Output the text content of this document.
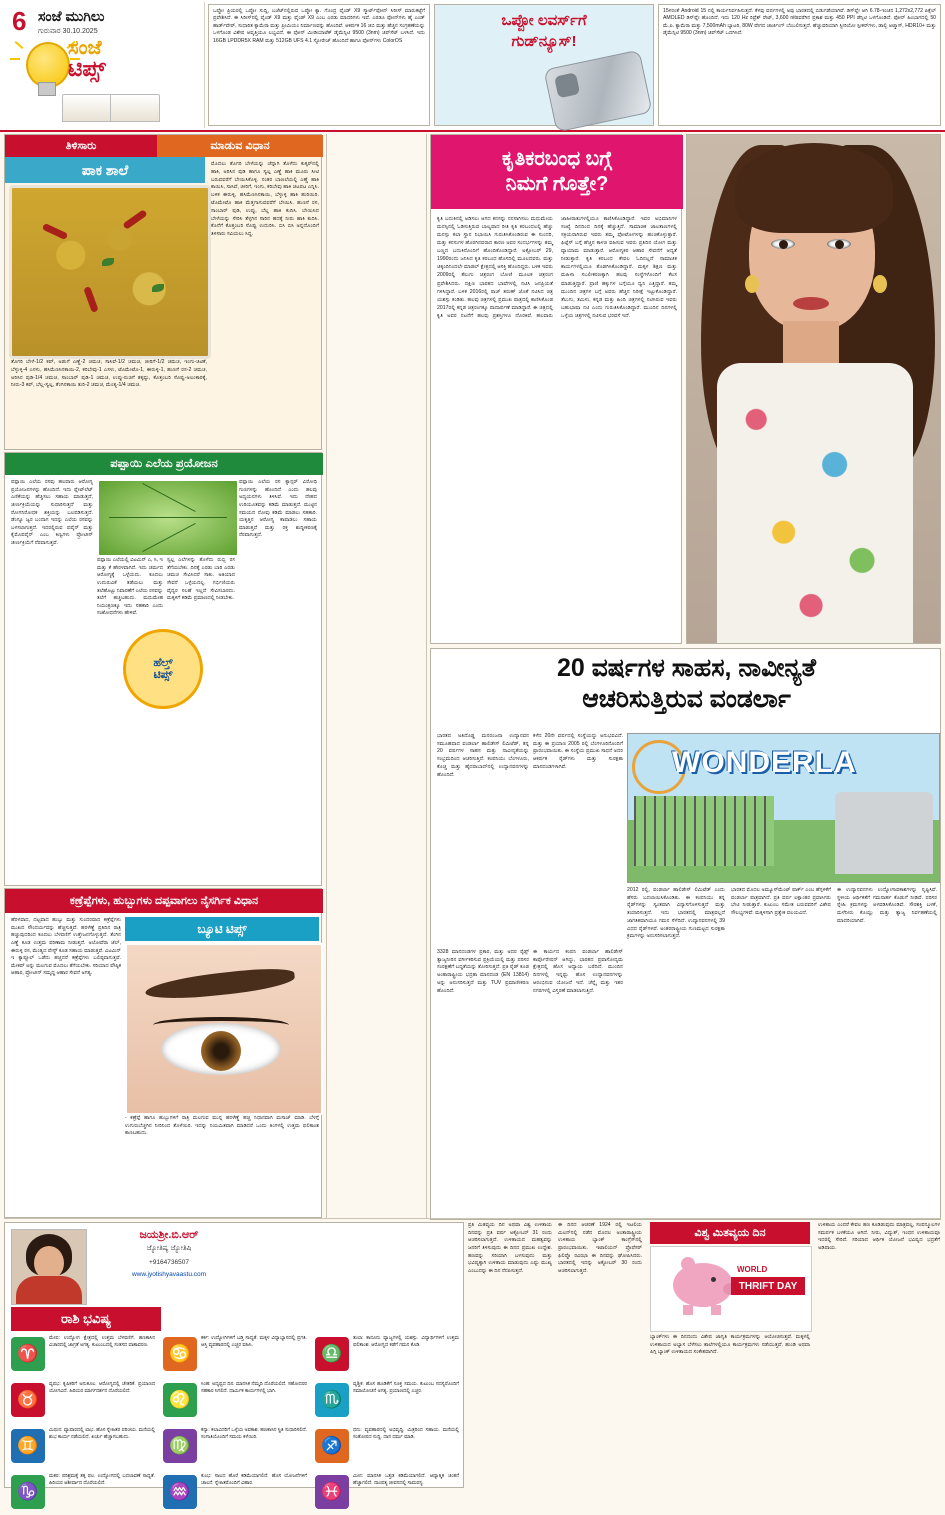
6 ಸಂಜೆ ಮುಗಿಲು
ಗುರುವಾರ 30.10.2025
ಸಂಜೆ
ಟಿಪ್ಸ್
ಒಪ್ಪೋ ಪ್ರಿಯರಲ್ಲಿ ಒಪ್ಪೋ ಸುದ್ದಿ, ಬಜೆಟ್‌ನಲ್ಲಿರುವ ಒಪ್ಪೋ ಕ್ಯಾ. ಗೊಂದ್ರ ಫೈಂಡ್ X9 ಸ್ಮಾರ್ಟ್‌ಫೋನ್ ಸಿರೀಸ್ ಮಾರುಕಟ್ಟೆಗೆ ಪ್ರವೇಶಿಸಿದೆ. ಈ ಸಿರೀಸ್‌ನಲ್ಲಿ ಫೈಂಡ್ X9 ಮತ್ತು ಫೈಂಡ್ X9 ಎಂಬ ಎರಡು ಮಾದರಿಗಳು ಇವೆ. ಎರಡೂ ಫೋನ್‌ಗಳು ಹೈ ಎಂಡ್ ಹಾರ್ಡ್‌ವೇರ್, ಸುಧಾರಿತ ಕ್ಯಾಮೆರಾ ಮತ್ತು ಪ್ರೀಮಿಯಂ ನಿರ್ಮಾಣವನ್ನು ಹೊಂದಿವೆ. ಆಕರ್ಷಕ 16 ಜಿಬಿ ಮತ್ತು ಹೆಚ್ಚಿನ ಸಂಗ್ರಹಣೆಯನ್ನು ಒಳಗೊಂಡ ವಿಶೇಷ ಆವೃತ್ತಿಯೂ ಲಭ್ಯವಿದೆ. ಈ ಫೋನ್ ಮೀಡಿಯಾಟೆಕ್ ಡೈಮೆನ್ಸಿಟಿ 9500 (3nm) ಚಿಪ್‌ಸೆಟ್ ಬಳಸಿದೆ. ಇದು 16GB LPDDR5X RAM ಮತ್ತು 512GB UFS 4.1 ಸ್ಟೋರೇಜ್ ಹೊಂದಿದೆ ಹಾಗೂ ಫೋನ್‌ಗಳು ColorOS
ಒಪ್ಪೋ ಲವರ್ಸ್‌ಗೆ
ಗುಡ್‌ನ್ಯೂಸ್!
15ಳರಂತೆ Android 15 ನಲ್ಲಿ ಕಾರ್ಯನಿರ್ವಹಿಸುತ್ತದೆ. ಕೆಳವು ವರ್ಷಗಳಲ್ಲಿ ಅವು ಭಾರತದಲ್ಲಿ ಬಿಡುಗಡೆಯಾಗಿವೆ. ಡಿಸ್‌ಪ್ಲೇ ಆಗಿ 6.78-ಇಂಚಿನ 1,272x2,772 ಪಿಕ್ಸೆಲ್ AMOLED ಡಿಸ್‌ಪ್ಲೇ ಹೊಂದಿದೆ. ಇದು 120 Hz ರಿಫ್ರೆಶ್ ರೇಟ್, 3,600 nitsವರೆಗಿನ ಪ್ರಕಾಶ ಮತ್ತು 450 PPI ಡೆನ್ಸಿಟಿ ಒಳಗೊಂಡಿದೆ. ಫೋನ್ ಹಿಂಭಾಗದಲ್ಲಿ 50 ಮೆ.ಪಿ. ಕ್ಯಾಮೆರಾ ಮತ್ತು 7,500mAh ಬ್ಯಾಟರಿ, 80W ವೇಗದ ಚಾರ್ಜಿಂಗ್ ಬೆಂಬಲಿಸುತ್ತದೆ. ಹೆಚ್ಚುವರಿಯಾಗಿ ಸ್ಟೀರಿಯೋ ಸ್ಪೀಕರ್‌ಗಳು, ಡಾಲ್ಬಿ ಅಟ್ಮಾಸ್, HDR10+ ಮತ್ತು ಡೈಮೆನ್ಸಿಟಿ 9500 (3nm) ಚಿಪ್‌ಸೆಟ್ ಒದಗಿಸಿದೆ.
ತಿಳಿಸಾರು	ಮಾಡುವ ವಿಧಾನ
ಪಾಕ ಶಾಲೆ
ತೊಗರಿ ಬೇಳೆ-1/2 ಕಪ್, ಅಡುಗೆ ಎಣ್ಣೆ-2 ಚಮಚ, ಸಾಸಿವೆ-1/2 ಚಮಚ, ಜೀರಿಗೆ-1/2 ಚಮಚ, ಇಂಗು-ಚಿಟಿಕೆ, ಬೆಳ್ಳುಳ್ಳಿ-4 ಎಸಳು, ಹಸಿಮೆಣಸಿನಕಾಯಿ-2, ಕರಿಬೇವು-1 ಎಸಳು, ಟೊಮೇಟೊ-1, ಈರುಳ್ಳಿ-1, ಹುಣಸೆ ರಸ-2 ಚಮಚ, ಅರಿಸಿನ ಪುಡಿ-1/4 ಚಮಚ, ಸಾಂಬಾರ್ ಪುಡಿ-1 ಚಮಚ, ಉಪ್ಪು-ರುಚಿಗೆ ತಕ್ಕಷ್ಟು, ಕೊತ್ತಂಬರಿ ಸೊಪ್ಪು-ಅಲಂಕಾರಕ್ಕೆ, ನೀರು-3 ಕಪ್, ಬೆಲ್ಲ-ಸ್ವಲ್ಪ, ತೆಂಗಿನಕಾಯಿ ತುರಿ-2 ಚಮಚ, ಮೆಂತ್ಯ-1/4 ಚಮಚ.
ಮೊದಲು ತೊಗರಿ ಬೇಳೆಯನ್ನು ಚೆನ್ನಾಗಿ ತೊಳೆದು ಕುಕ್ಕರ್‌ನಲ್ಲಿ ಹಾಕಿ, ಅರಿಸಿನ ಪುಡಿ ಹಾಗೂ ಸ್ವಲ್ಪ ಎಣ್ಣೆ ಹಾಕಿ ಮೂರು ಸೀಟಿ ಬರುವವರೆಗೆ ಬೇಯಿಸಿಕೊಳ್ಳಿ. ನಂತರ ಬಾಣಲೆಯಲ್ಲಿ ಎಣ್ಣೆ ಹಾಕಿ ಕಾಯಿಸಿ, ಸಾಸಿವೆ, ಜೀರಿಗೆ, ಇಂಗು, ಕರಿಬೇವು ಹಾಕಿ ಚಟಪಟ ಎನ್ನಿಸಿ. ಬಳಿಕ ಈರುಳ್ಳಿ, ಹಸಿಮೆಣಸಿನಕಾಯಿ, ಬೆಳ್ಳುಳ್ಳಿ ಹಾಕಿ ಹುರಿಯಿರಿ. ಟೊಮೇಟೊ ಹಾಕಿ ಮೆತ್ತಗಾಗುವವರೆಗೆ ಬೇಯಿಸಿ. ಹುಣಸೆ ರಸ, ಸಾಂಬಾರ್ ಪುಡಿ, ಉಪ್ಪು, ಬೆಲ್ಲ ಹಾಕಿ ಕುದಿಸಿ. ಬೇಯಿಸಿದ ಬೇಳೆಯನ್ನು ಸೇರಿಸಿ ತೆಳ್ಳಗಿನ ಸಾರಿನ ಹದಕ್ಕೆ ನೀರು ಹಾಕಿ ಕುದಿಸಿ. ಕೊನೆಗೆ ಕೊತ್ತಂಬರಿ ಸೊಪ್ಪು ಉದುರಿಸಿ. ಬಿಸಿ ಬಿಸಿ ಅನ್ನದೊಂದಿಗೆ ತಿಳಿಸಾರು ಸವಿಯಲು ಸಿದ್ಧ.
ಪಪ್ಪಾಯಿ ಎಲೆಯ ಪ್ರಯೋಜನ
ಪಪ್ಪಾಯಿ ಎಲೆಯ ರಸವು ಹಲವಾರು ಆರೋಗ್ಯ ಪ್ರಯೋಜನಗಳನ್ನು ಹೊಂದಿದೆ. ಇದು ಪ್ಲೇಟ್‌ಲೆಟ್ ಎಣಿಕೆಯನ್ನು ಹೆಚ್ಚಿಸಲು ಸಹಾಯ ಮಾಡುತ್ತದೆ, ಜೀರ್ಣಕ್ರಿಯೆಯನ್ನು ಸುಧಾರಿಸುತ್ತದೆ ಮತ್ತು ರೋಗನಿರೋಧಕ ಶಕ್ತಿಯನ್ನು ಬಲಪಡಿಸುತ್ತದೆ. ಡೆಂಗ್ಯೂ ಜ್ವರ ಬಂದಾಗ ಇದನ್ನು ಎಲೆಯ ರಸವನ್ನು ಬಳಸಲಾಗುತ್ತದೆ. ಇದರಲ್ಲಿರುವ ಪಪೈನ್ ಮತ್ತು ಕೈಮೊಪಪೈನ್ ಎಂಬ ಕಿಣ್ವಗಳು ಪ್ರೋಟೀನ್ ಜೀರ್ಣಕ್ರಿಯೆಗೆ ನೆರವಾಗುತ್ತವೆ.
ಪಪ್ಪಾಯಿ ಎಲೆಯಲ್ಲಿ ವಿಟಮಿನ್ ಎ, ಸಿ, ಇ ಮತ್ತು ಕೆ ಹೇರಳವಾಗಿದೆ. ಇದು ಚರ್ಮದ ಆರೋಗ್ಯಕ್ಕೆ ಒಳ್ಳೆಯದು. ಕೂದಲು ಉದುರುವಿಕೆ ತಡೆಯಲು ಮತ್ತು ತಲೆಹೊಟ್ಟು ನಿವಾರಣೆಗೆ ಎಲೆಯ ರಸವನ್ನು ತಲೆಗೆ ಹಚ್ಚಬಹುದು. ಮಧುಮೇಹ ನಿಯಂತ್ರಣಕ್ಕೂ ಇದು ಸಹಕಾರಿ ಎಂದು ಸಂಶೋಧನೆಗಳು ಹೇಳಿವೆ.
ಸ್ವಲ್ಪ ಎಲೆಗಳನ್ನು ತೊಳೆದು ರುಬ್ಬಿ ರಸ ತೆಗೆಯಬೇಕು. ದಿನಕ್ಕೆ ಎರಡು ಬಾರಿ ಎರಡು ಚಮಚ ಸೇವಿಸಿದರೆ ಸಾಕು. ಅತಿಯಾದ ಸೇವನೆ ಒಳ್ಳೆಯದಲ್ಲ. ಗರ್ಭಿಣಿಯರು ವೈದ್ಯರ ಸಲಹೆ ಇಲ್ಲದೆ ಸೇವಿಸಬಾರದು. ಮಕ್ಕಳಿಗೆ ಕಡಿಮೆ ಪ್ರಮಾಣದಲ್ಲಿ ನೀಡಬೇಕು.
ಪಪ್ಪಾಯಿ ಎಲೆಯ ರಸ ಕ್ಯಾನ್ಸರ್ ವಿರೋಧಿ ಗುಣಗಳನ್ನು ಹೊಂದಿದೆ ಎಂದು ಹಲವು ಅಧ್ಯಯನಗಳು ತಿಳಿಸಿವೆ. ಇದು ದೇಹದ ಉರಿಯೂತವನ್ನು ಕಡಿಮೆ ಮಾಡುತ್ತದೆ. ಮುಟ್ಟಿನ ಸಮಯದ ನೋವು ಕಡಿಮೆ ಮಾಡಲು ಸಹಕಾರಿ. ಯಕೃತ್ತಿನ ಆರೋಗ್ಯ ಕಾಪಾಡಲು ಸಹಾಯ ಮಾಡುತ್ತದೆ ಮತ್ತು ರಕ್ತ ಶುದ್ಧೀಕರಣಕ್ಕೆ ನೆರವಾಗುತ್ತದೆ.
ಹೆಲ್ತ್
ಟಿಪ್ಸ್
ಕಣ್ರೆಪ್ಪೆಗಳು, ಹುಬ್ಬುಗಳು ದಪ್ಪವಾಗಲು ನೈಸರ್ಗಿಕ ವಿಧಾನ
ಹೆರಳವಾದ, ದಟ್ಟವಾದ ಹುಬ್ಬು ಮತ್ತು ಸುಂದರವಾದ ಕಣ್ರೆಪ್ಪೆಗಳು ಮುಖದ ಸೌಂದರ್ಯವನ್ನು ಹೆಚ್ಚಿಸುತ್ತವೆ. ಹರಳೆಣ್ಣೆ ಪ್ರತಿದಿನ ರಾತ್ರಿ ಹಚ್ಚುವುದರಿಂದ ಕೂದಲು ಬೆಳವಣಿಗೆ ಉತ್ತೇಜನಗೊಳ್ಳುತ್ತದೆ. ತೆಂಗಿನ ಎಣ್ಣೆ ಕೂಡ ಉತ್ತಮ ಪರಿಣಾಮ ನೀಡುತ್ತದೆ. ಅಲೋವೆರಾ ಜೆಲ್, ಈರುಳ್ಳಿ ರಸ, ಮೆಂತ್ಯದ ಪೇಸ್ಟ್ ಕೂಡ ಸಹಾಯ ಮಾಡುತ್ತವೆ. ವಿಟಮಿನ್ ಇ ಕ್ಯಾಪ್ಸೂಲ್ ಒಡೆದು ಹಚ್ಚಿದರೆ ಕಣ್ರೆಪ್ಪೆಗಳು ಬಲಿಷ್ಠವಾಗುತ್ತವೆ. ಮೇಕಪ್ ಅನ್ನು ಮಲಗುವ ಮೊದಲು ತೆಗೆಯಬೇಕು. ಸರಿಯಾದ ಪೌಷ್ಠಿಕ ಆಹಾರ, ಪ್ರೋಟೀನ್ ಸಮೃದ್ಧ ಆಹಾರ ಸೇವನೆ ಅಗತ್ಯ.
ಬ್ಯೂಟಿ ಟಿಪ್ಸ್
- ಕಣ್ರೆಪ್ಪೆ ಹಾಗೂ ಹುಬ್ಬುಗಳಿಗೆ ರಾತ್ರಿ ಮಲಗುವ ಮುನ್ನ ಹರಳೆಣ್ಣೆ ಹಚ್ಚಿ ನಿಧಾನವಾಗಿ ಮಸಾಜ್ ಮಾಡಿ. ಬೆಳಗ್ಗೆ ಉಗುರುಬೆಚ್ಚಗಿನ ನೀರಿನಿಂದ ತೊಳೆಯಿರಿ. ಇದನ್ನು ನಿಯಮಿತವಾಗಿ ಮಾಡಿದರೆ ಒಂದು ತಿಂಗಳಲ್ಲಿ ಉತ್ತಮ ಫಲಿತಾಂಶ ಕಾಣಬಹುದು.
ಕೃತಿಕರಬಂಧ ಬಗ್ಗೆ
ನಿಮಗೆ ಗೊತ್ತೇ?
ಕೃತಿ ಬದುಕಿನಲ್ಲಿ ಅಡಿಸಲು ಆಗದ ಕನಸನ್ನು ನನಸಾಗಿಸಲು ಮಧುಮೇಯ ಮನಸ್ಸಿನಲ್ಲಿ ಓಡಿಸುತ್ತಿರುವ ಬಾಲ್ಯವಾದ ರೀತಿ ಕೃತಿ ಕರಬಂಧಲಲ್ಲಿ ಹೆಚ್ಚು ಮನಸ್ಸು ಕಲಾ ಸ್ಥಾನ ನಿಭಾಯಿಸಿ ಗುರುತಿಸಿಕೊಂಡಿರುವ ಈ ಸುಂದರಿ, ಮತ್ತು ಕನಸುಗಳ ಹೊರಗಿನವರಾದ ಕಾರಣ ಅವರ ಸಂದರ್ಭಗಳನ್ನು ತಮ್ಮ ಬಣ್ಣದ ಬದುಕಿನೊಂದಿಗೆ ಹೊಂದಿಕೊಂಡಿದ್ದಾರೆ. ಅಕ್ಟೋಬರ್ 29, 1990ರಂದು ಜನಿಸಿದ ಕೃತಿ ಕರಬಂಧ ಹೊಸದಿಲ್ಲಿ ಮೂಲದವರು. ಮತ್ತು ಚಿಕ್ಕಂದಿನಿಂದಲೇ ಮಾಡಲ್ ಕ್ಷೇತ್ರದಲ್ಲಿ ಆಸಕ್ತಿ ಹೊಂದಿದ್ದರು. ಬಳಿಕ ಇವರು 2009ರಲ್ಲಿ ತೆಲುಗು ಚಿತ್ರರಂಗ ಬೋಣಿ ಮೂಲಕ ಚಿತ್ರರಂಗ ಪ್ರವೇಶಿಸಿದರು. ದಕ್ಷಿಣ ಭಾರತದ ಭಾಷೆಗಳಲ್ಲಿ ನಟಿಸಿ ಜನಪ್ರಿಯತೆ ಗಳಿಸಿದ್ದಾರೆ. ಬಳಿಕ 2016ರಲ್ಲಿ ರಾಜ್ ತರುಣ್ ಜೊತೆ ನಟಿಸಿದ ಚಿತ್ರ ಯಶಸ್ಸು ಕಂಡಿತು. ಹಲವು ಚಿತ್ರಗಳಲ್ಲಿ ಪ್ರಮುಖ ಪಾತ್ರದಲ್ಲಿ ಕಾಣಿಸಿಕೊಂಡ 2017ರಲ್ಲಿ ಕನ್ನಡ ಚಿತ್ರರಂಗಕ್ಕೂ ಪಾದಾರ್ಪಣೆ ಮಾಡಿದ್ದಾರೆ. ಈ ಚಿತ್ರದಲ್ಲಿ ಕೃತಿ ಅವರ ನಟನೆಗೆ ಹಲವು ಪ್ರಶಸ್ತಿಗಳೂ ದೊರಕಿವೆ. ಹಲವಾರು ಜಾಹೀರಾತುಗಳಲ್ಲಿಯೂ ಕಾಣಿಸಿಕೊಂಡಿದ್ದಾರೆ. ಇವರ ಅಭಿಮಾನಿಗಳ ಸಂಖ್ಯೆ ದಿನದಿಂದ ದಿನಕ್ಕೆ ಹೆಚ್ಚುತ್ತಿದೆ. ಸಾಮಾಜಿಕ ಜಾಲತಾಣಗಳಲ್ಲಿ ಸಕ್ರಿಯರಾಗಿರುವ ಇವರು ತಮ್ಮ ಫೋಟೋಗಳನ್ನು ಹಂಚಿಕೊಳ್ಳುತ್ತಾರೆ. ಫಿಟ್ನೆಸ್ ಬಗ್ಗೆ ಹೆಚ್ಚಿನ ಕಾಳಜಿ ವಹಿಸುವ ಇವರು ಪ್ರತಿದಿನ ಯೋಗ ಮತ್ತು ವ್ಯಾಯಾಮ ಮಾಡುತ್ತಾರೆ. ಆರೋಗ್ಯಕರ ಆಹಾರ ಸೇವನೆಗೆ ಆದ್ಯತೆ ನೀಡುತ್ತಾರೆ. ಕೃತಿ ಕರಬಂಧ ಕೇವಲ ಓದಿನಲ್ಲದೆ ಸಾಮಾಜಿಕ ಕಾರ್ಯಗಳಲ್ಲಿಯೂ ತೊಡಗಿಸಿಕೊಂಡಿದ್ದಾರೆ. ಮಕ್ಕಳ ಶಿಕ್ಷಣ ಮತ್ತು ಮಹಿಳಾ ಸಬಲೀಕರಣಕ್ಕಾಗಿ ಹಲವು ಸಂಸ್ಥೆಗಳೊಂದಿಗೆ ಕೆಲಸ ಮಾಡುತ್ತಿದ್ದಾರೆ. ಪ್ರಾಣಿ ಹಕ್ಕುಗಳ ಬಗ್ಗೆಯೂ ಧ್ವನಿ ಎತ್ತಿದ್ದಾರೆ. ತಮ್ಮ ಮುಂದಿನ ಚಿತ್ರಗಳ ಬಗ್ಗೆ ಅವರು ಹೆಚ್ಚಿನ ನಿರೀಕ್ಷೆ ಇಟ್ಟುಕೊಂಡಿದ್ದಾರೆ. ತೆಲುಗು, ತಮಿಳು, ಕನ್ನಡ ಮತ್ತು ಹಿಂದಿ ಚಿತ್ರಗಳಲ್ಲಿ ನಟಿಸಿರುವ ಇವರು ಬಹುಭಾಷಾ ನಟಿ ಎಂದು ಗುರುತಿಸಿಕೊಂಡಿದ್ದಾರೆ. ಮುಂದಿನ ದಿನಗಳಲ್ಲಿ ಒಳ್ಳೆಯ ಚಿತ್ರಗಳಲ್ಲಿ ನಟಿಸುವ ಭರವಸೆ ಇದೆ.
20 ವರ್ಷಗಳ ಸಾಹಸ, ನಾವೀನ್ಯತೆ
ಆಚರಿಸುತ್ತಿರುವ ವಂಡರ್ಲಾ
WONDERLA
ಭಾರತದ ಅತಿದೊಡ್ಡ ಮನರಂಜನಾ ಉದ್ಯಾನವನ ಸಮೂಹವಾದ ವಂಡರ್ಲಾ ಹಾಲಿಡೇಸ್ ಲಿಮಿಟೆಡ್, ತನ್ನ 20 ವರ್ಷಗಳ ಸಾಹಸ ಮತ್ತು ನಾವೀನ್ಯತೆಯನ್ನು ಸಂಭ್ರಮದಿಂದ ಆಚರಿಸುತ್ತಿದೆ. ಕಂಪನಿಯು ಬೆಂಗಳೂರು, ಕೊಚ್ಚಿ ಮತ್ತು ಹೈದರಾಬಾದ್‌ನಲ್ಲಿ ಉದ್ಯಾನವನಗಳನ್ನು ಹೊಂದಿದೆ.
ಕಳೆದ 20ನೇ ವರ್ಷದಲ್ಲಿ ಸಂಸ್ಥೆಯದ್ದು ಅನುಭವವಿದೆ. ಮತ್ತು ಈ ಪ್ರಯಾಣ 2005 ರಲ್ಲಿ ಬೆಂಗಳೂರಿನೊಂದಿಗೆ ಪ್ರಾರಂಭವಾಯಿತು. ಈ ಸಂಸ್ಥೆಯ ಪ್ರಮುಖ ಸಾಧನೆ ಅದರ ಆಕರ್ಷಕ ರೈಡ್‌ಗಳು ಮತ್ತು ಸುರಕ್ಷತಾ ಮಾನದಂಡಗಳಾಗಿವೆ.
2012 ರಲ್ಲಿ, ವಂಡರ್ಲಾ ಹಾಲಿಡೇಸ್ ಲಿಮಿಟೆಡ್ ಎಂದು ಹೆಸರು ಬದಲಾಯಿಸಿಕೊಂಡಿತು. ಈ ಕಂಪನಿಯು ತನ್ನ ರೈಡ್‌ಗಳನ್ನು ಸ್ವಂತವಾಗಿ ವಿನ್ಯಾಸಗೊಳಿಸುತ್ತದೆ ಮತ್ತು ತಯಾರಿಸುತ್ತದೆ. ಇದು ಭಾರತದಲ್ಲಿ ಮಾತ್ರವಲ್ಲದೆ ಜಾಗತಿಕವಾಗಿಯೂ ಗಮನ ಸೆಳೆದಿದೆ. ಉದ್ಯಾನವನಗಳಲ್ಲಿ 39 ವಿಧದ ರೈಡ್‌ಗಳಿವೆ. ಅಂತರರಾಷ್ಟ್ರೀಯ ಗುಣಮಟ್ಟದ ಸುರಕ್ಷತಾ ಕ್ರಮಗಳನ್ನು ಅನುಸರಿಸಲಾಗುತ್ತದೆ.
ಭಾರತದ ಮೊದಲ ಅಮ್ಯೂಸ್‌ಮೆಂಟ್ ಪಾರ್ಕ್ ಎಂಬ ಹೆಗ್ಗಳಿಕೆಗೆ ವಂಡರ್ಲಾ ಪಾತ್ರವಾಗಿದೆ. ಪ್ರತಿ ವರ್ಷ ಲಕ್ಷಾಂತರ ಪ್ರವಾಸಿಗರು ಭೇಟಿ ನೀಡುತ್ತಾರೆ. ಕುಟುಂಬ ಸಮೇತ ಬರುವವರಿಗೆ ವಿಶೇಷ ಸೌಲಭ್ಯಗಳಿವೆ. ಮಕ್ಕಳಿಗಾಗಿ ಪ್ರತ್ಯೇಕ ವಲಯವಿದೆ.
ಈ ಉದ್ಯಾನವನಗಳು ಉದ್ಯೋಗಾವಕಾಶಗಳನ್ನು ಸೃಷ್ಟಿಸಿವೆ. ಸ್ಥಳೀಯ ಆರ್ಥಿಕತೆಗೆ ಗಮನಾರ್ಹ ಕೊಡುಗೆ ನೀಡಿವೆ. ಪರಿಸರ ಸ್ನೇಹಿ ಕ್ರಮಗಳನ್ನು ಅಳವಡಿಸಿಕೊಂಡಿವೆ. ಸೌರಶಕ್ತಿ ಬಳಕೆ, ಮಳೆನೀರು ಕೊಯ್ಲು ಮತ್ತು ತ್ಯಾಜ್ಯ ನಿರ್ವಹಣೆಯಲ್ಲಿ ಮಾದರಿಯಾಗಿವೆ.
3328 ಮಾನದಂಡಗಳ ಪ್ರಕಾರ, ಮತ್ತು ಅದರ ರೈಡ್ಸ್ ತ್ಯಾಜ್ಯನೀರಿನ ವರ್ಗೀಕರಿಸುವ ಪ್ರಕ್ರಿಯೆಯಲ್ಲಿ ಮತ್ತು ಪರಿಸರ ಸಂರಕ್ಷಣೆಗೆ ಬದ್ಧತೆಯನ್ನು ತೋರಿಸುತ್ತದೆ. ಪ್ರತಿ ರೈಡ್ ಕೂಡ ಅಂತಾರಾಷ್ಟ್ರೀಯ ಭದ್ರತಾ ಮಾನದಂಡ (EN 13814) ಅನ್ನು ಅನುಸರಿಸುತ್ತದೆ ಮತ್ತು TUV ಪ್ರಮಾಣೀಕರಣ ಹೊಂದಿದೆ.
ಈ ಕಾರ್ಯದ ಕಂಪನಿ ವಂಡರ್ಲಾ ಹಾಲಿಡೇಸ್ ಕಾರ್ಪೊರೇಷನ್ ಆಗಿದ್ದು, ಭಾರತದ ಪ್ರವಾಸೋದ್ಯಮ ಕ್ಷೇತ್ರದಲ್ಲಿ ಹೊಸ ಅಧ್ಯಾಯ ಬರೆದಿದೆ. ಮುಂದಿನ ದಿನಗಳಲ್ಲಿ ಇನ್ನಷ್ಟು ಹೊಸ ಉದ್ಯಾನವನಗಳನ್ನು ಆರಂಭಿಸುವ ಯೋಜನೆ ಇದೆ. ಚೆನ್ನೈ ಮತ್ತು ಇತರ ನಗರಗಳಲ್ಲಿ ವಿಸ್ತರಣೆ ಮಾಡಲಾಗುತ್ತಿದೆ.
ಜಯಶ್ರೀ.ಬಿ.ಆರ್
ಜ್ಯೋತಿಷ್ಯ ಜ್ಯೋತಿಷಿ
+9164736507
www.jyotishyavaastu.com
ರಾಶಿ ಭವಿಷ್ಯ
♈
ಮೇಷ: ಉದ್ಯೋಗ ಕ್ಷೇತ್ರದಲ್ಲಿ ಉತ್ತಮ ಬೆಳವಣಿಗೆ. ಹಣಕಾಸಿನ ವಿಚಾರದಲ್ಲಿ ಜಾಗ್ರತೆ ಅಗತ್ಯ. ಕುಟುಂಬದಲ್ಲಿ ಸಂತಸದ ವಾತಾವರಣ.	♋
ಕರ್ಕ: ಉದ್ಯೋಗಿಗಳಿಗೆ ಬಡ್ತಿ ಸಾಧ್ಯತೆ. ಮಕ್ಕಳ ವಿದ್ಯಾಭ್ಯಾಸದಲ್ಲಿ ಪ್ರಗತಿ. ಆಸ್ತಿ ವ್ಯವಹಾರದಲ್ಲಿ ಎಚ್ಚರ ವಹಿಸಿ.	♎
ತುಲಾ: ಕಾನೂನು ವ್ಯಾಜ್ಯಗಳಲ್ಲಿ ಯಶಸ್ಸು. ವಿದ್ಯಾರ್ಥಿಗಳಿಗೆ ಉತ್ತಮ ಫಲಿತಾಂಶ. ಆರೋಗ್ಯದ ಕಡೆಗೆ ಗಮನ ಕೊಡಿ.
♉
ವೃಷಭ: ಕೃಷಿಕರಿಗೆ ಅನುಕೂಲ. ಆರೋಗ್ಯದಲ್ಲಿ ಚೇತರಿಕೆ. ಪ್ರಯಾಣದ ಯೋಗವಿದೆ. ಹಿರಿಯರ ಮಾರ್ಗದರ್ಶನ ದೊರೆಯಲಿದೆ.	♌
ಸಿಂಹ: ಅದೃಷ್ಟದ ದಿನ. ಮಾನಸಿಕ ನೆಮ್ಮದಿ ದೊರೆಯಲಿದೆ. ಸಹೋದರರ ಸಹಕಾರ ಸಿಗಲಿದೆ. ಧಾರ್ಮಿಕ ಕಾರ್ಯಗಳಲ್ಲಿ ಭಾಗಿ.	♏
ವೃಶ್ಚಿಕ: ಹೊಸ ಹೂಡಿಕೆಗೆ ಸೂಕ್ತ ಸಮಯ. ಕುಟುಂಬ ಸದಸ್ಯರೊಂದಿಗೆ ಸಮಾಲೋಚನೆ ಅಗತ್ಯ. ಪ್ರಯಾಣದಲ್ಲಿ ಎಚ್ಚರ.
♊
ಮಿಥುನ: ವ್ಯಾಪಾರದಲ್ಲಿ ಲಾಭ. ಹೊಸ ಸ್ನೇಹಿತರ ಪರಿಚಯ. ಮನೆಯಲ್ಲಿ ಶುಭ ಕಾರ್ಯ ನಡೆಯಲಿದೆ. ಖರ್ಚು ಹೆಚ್ಚಾಗಬಹುದು.	♍
ಕನ್ಯಾ: ಕಲಾವಿದರಿಗೆ ಒಳ್ಳೆಯ ಅವಕಾಶ. ಹಣಕಾಸಿನ ಸ್ಥಿತಿ ಸುಧಾರಿಸಲಿದೆ. ಸಂಗಾತಿಯೊಂದಿಗೆ ಸಮಯ ಕಳೆಯಿರಿ.	♐
ಧನು: ವ್ಯವಹಾರದಲ್ಲಿ ಅಭಿವೃದ್ಧಿ. ಮಿತ್ರರಿಂದ ಸಹಾಯ. ಮನೆಯಲ್ಲಿ ಸಂತೋಷದ ಸುದ್ದಿ. ದಾನ ಧರ್ಮ ಮಾಡಿ.
♑
ಮಕರ: ಪರಿಶ್ರಮಕ್ಕೆ ತಕ್ಕ ಫಲ. ಉದ್ಯೋಗದಲ್ಲಿ ಬದಲಾವಣೆ ಸಾಧ್ಯತೆ. ಹಿರಿಯರ ಆಶೀರ್ವಾದ ದೊರೆಯಲಿದೆ.	♒
ಕುಂಭ: ಸಾಲದ ಹೊರೆ ಕಡಿಮೆಯಾಗಲಿದೆ. ಹೊಸ ಯೋಜನೆಗಳಿಗೆ ಚಾಲನೆ. ಸ್ನೇಹಿತರೊಂದಿಗೆ ವಿಹಾರ.	♓
ಮೀನ: ಮಾನಸಿಕ ಒತ್ತಡ ಕಡಿಮೆಯಾಗಲಿದೆ. ಆಧ್ಯಾತ್ಮಿಕ ಚಿಂತನೆ ಹೆಚ್ಚಾಗಲಿದೆ. ದಾಂಪತ್ಯ ಜೀವನದಲ್ಲಿ ಸಾಮರಸ್ಯ.
ಪ್ರತಿ ಮಿತವ್ಯಯ ದಿನ ಅಥವಾ ವಿಶ್ವ ಉಳಿತಾಯ ದಿನವನ್ನು ಪ್ರತಿ ವರ್ಷ ಅಕ್ಟೋಬರ್ 31 ರಂದು ಆಚರಿಸಲಾಗುತ್ತದೆ. ಉಳಿತಾಯದ ಮಹತ್ವವನ್ನು ಜನರಿಗೆ ತಿಳಿಸುವುದು ಈ ದಿನದ ಪ್ರಮುಖ ಉದ್ದೇಶ. ಹಣವನ್ನು ಸರಿಯಾಗಿ ಬಳಸುವುದು ಮತ್ತು ಭವಿಷ್ಯಕ್ಕಾಗಿ ಉಳಿತಾಯ ಮಾಡುವುದು ಎಷ್ಟು ಮುಖ್ಯ ಎಂಬುದನ್ನು ಈ ದಿನ ನೆನಪಿಸುತ್ತದೆ.
ಈ ದಿನದ ಆಚರಣೆ 1924 ರಲ್ಲಿ ಇಟಲಿಯ ಮಿಲನ್‌ನಲ್ಲಿ ನಡೆದ ಮೊದಲ ಅಂತಾರಾಷ್ಟ್ರೀಯ ಉಳಿತಾಯ ಬ್ಯಾಂಕ್ ಕಾಂಗ್ರೆಸ್‌ನಲ್ಲಿ ಪ್ರಾರಂಭವಾಯಿತು. ಇಟಾಲಿಯನ್ ಪ್ರೊಫೆಸರ್ ಫಿಲಿಪ್ಪೊ ರವಿಝಾ ಈ ದಿನವನ್ನು ಘೋಷಿಸಿದರು. ಭಾರತದಲ್ಲಿ ಇದನ್ನು ಅಕ್ಟೋಬರ್ 30 ರಂದು ಆಚರಿಸಲಾಗುತ್ತದೆ.
ವಿಶ್ವ ಮಿತವ್ಯಯ ದಿನ
WORLD
THRIFT DAY
ಬ್ಯಾಂಕ್‌ಗಳು ಈ ದಿನದಂದು ವಿಶೇಷ ಜಾಗೃತಿ ಕಾರ್ಯಕ್ರಮಗಳನ್ನು ಆಯೋಜಿಸುತ್ತವೆ. ಮಕ್ಕಳಲ್ಲಿ ಉಳಿತಾಯದ ಅಭ್ಯಾಸ ಬೆಳೆಸಲು ಶಾಲೆಗಳಲ್ಲಿಯೂ ಕಾರ್ಯಕ್ರಮಗಳು ನಡೆಯುತ್ತವೆ. ಹುಂಡಿ ಅಥವಾ ಪಿಗ್ಗಿ ಬ್ಯಾಂಕ್ ಉಳಿತಾಯದ ಸಂಕೇತವಾಗಿದೆ.
ಉಳಿತಾಯ ಎಂದರೆ ಕೇವಲ ಹಣ ಕೂಡಿಡುವುದು ಮಾತ್ರವಲ್ಲ, ಸಂಪನ್ಮೂಲಗಳ ಸಮರ್ಪಕ ಬಳಕೆಯೂ ಆಗಿದೆ. ನೀರು, ವಿದ್ಯುತ್, ಇಂಧನ ಉಳಿತಾಯವೂ ಇದರಲ್ಲಿ ಸೇರಿದೆ. ಸರಿಯಾದ ಆರ್ಥಿಕ ಯೋಜನೆ ಭವಿಷ್ಯದ ಭದ್ರತೆಗೆ ಅಡಿಪಾಯ.
